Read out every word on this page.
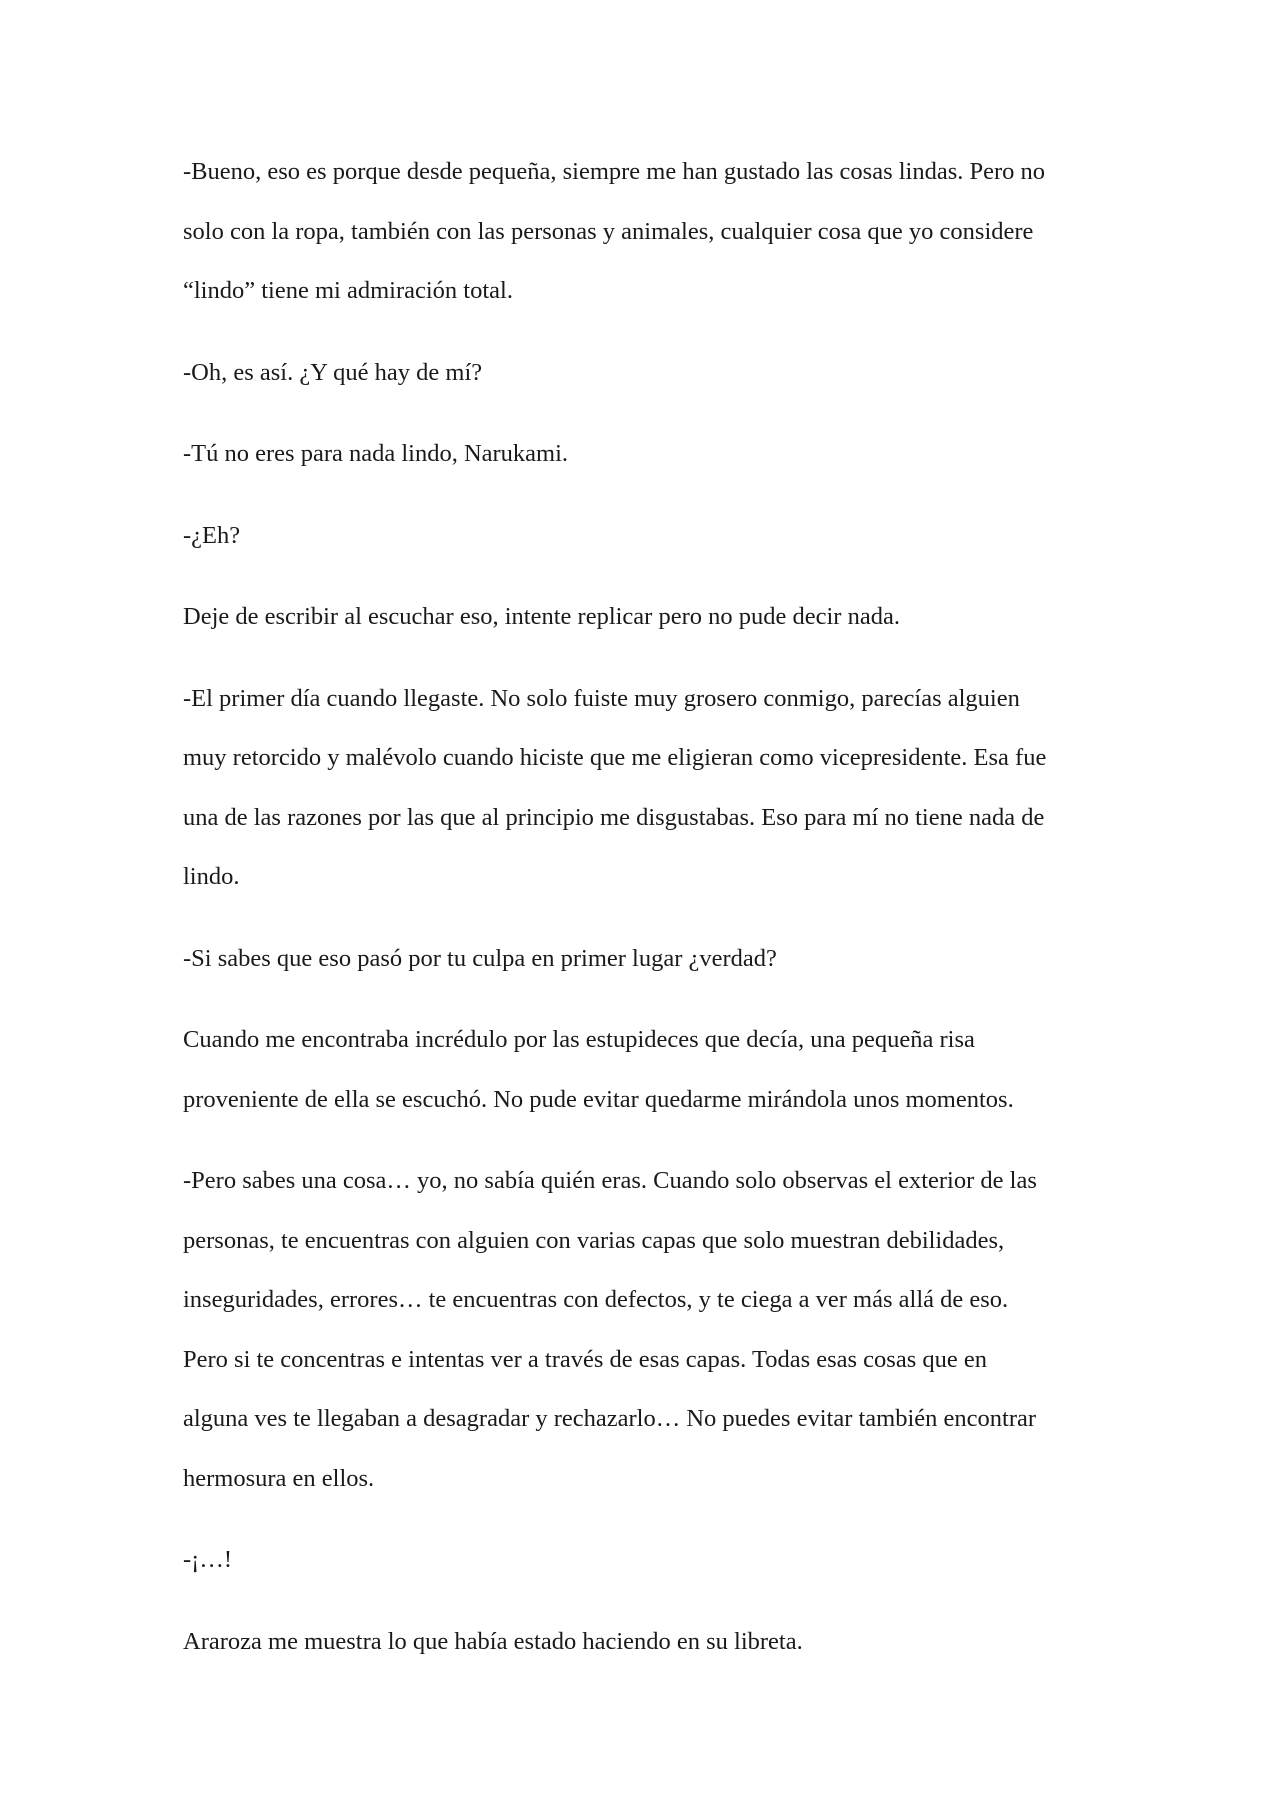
-Bueno, eso es porque desde pequeña, siempre me han gustado las cosas lindas. Pero no
solo con la ropa, también con las personas y animales, cualquier cosa que yo considere
“lindo” tiene mi admiración total.

-Oh, es así. ¿Y qué hay de mí?

-Tú no eres para nada lindo, Narukami.

-¿Eh?

Deje de escribir al escuchar eso, intente replicar pero no pude decir nada.

-El primer día cuando llegaste. No solo fuiste muy grosero conmigo, parecías alguien
muy retorcido y malévolo cuando hiciste que me eligieran como vicepresidente. Esa fue
una de las razones por las que al principio me disgustabas. Eso para mí no tiene nada de
lindo.

-Si sabes que eso pasó por tu culpa en primer lugar ¿verdad?

Cuando me encontraba incrédulo por las estupideces que decía, una pequeña risa
proveniente de ella se escuchó. No pude evitar quedarme mirándola unos momentos.

-Pero sabes una cosa… yo, no sabía quién eras. Cuando solo observas el exterior de las
personas, te encuentras con alguien con varias capas que solo muestran debilidades,
inseguridades, errores… te encuentras con defectos, y te ciega a ver más allá de eso.
Pero si te concentras e intentas ver a través de esas capas. Todas esas cosas que en
alguna ves te llegaban a desagradar y rechazarlo… No puedes evitar también encontrar
hermosura en ellos.

-¡…!

Araroza me muestra lo que había estado haciendo en su libreta.
